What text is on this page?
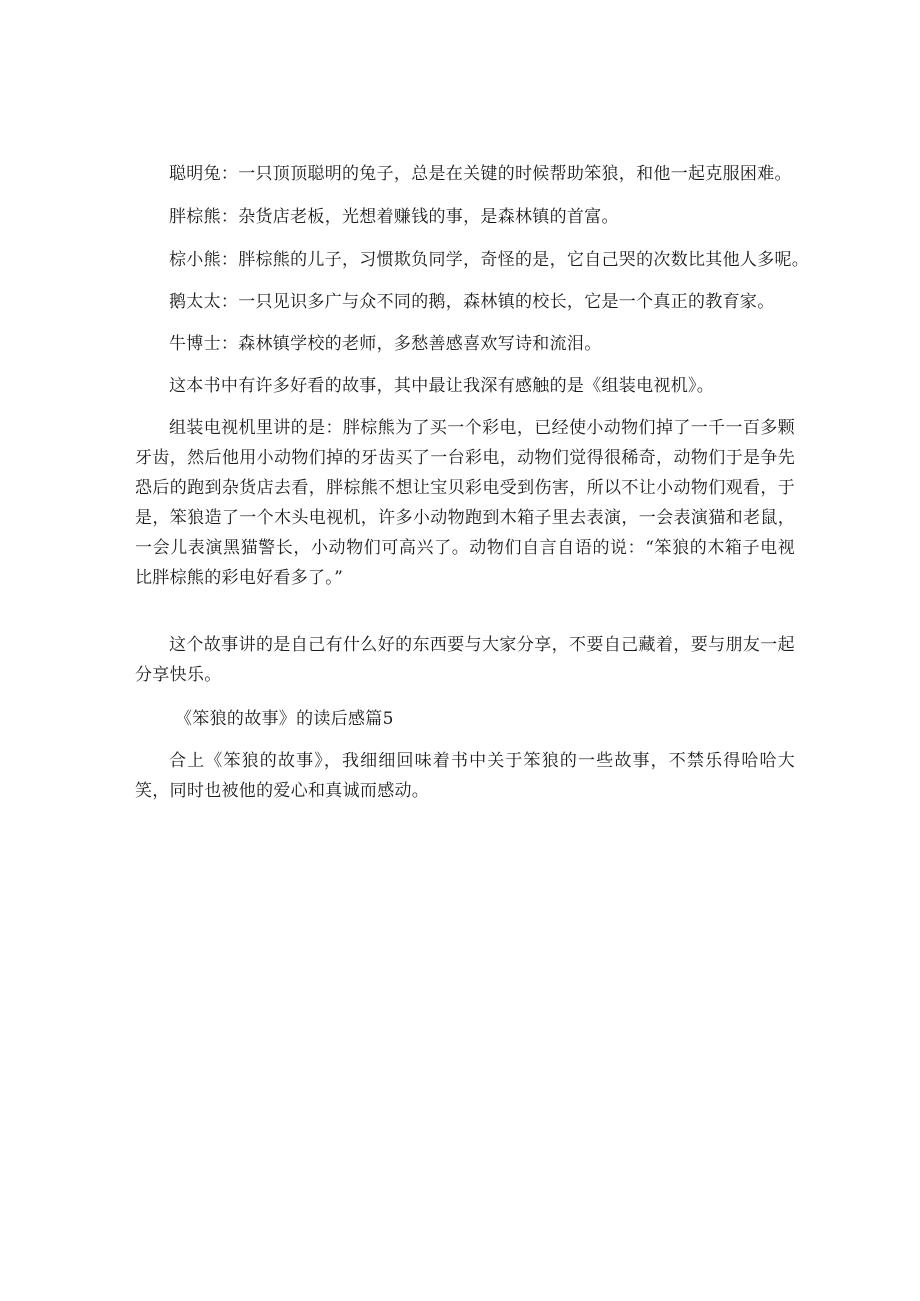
聪明兔：一只顶顶聪明的兔子，总是在关键的时候帮助笨狼，和他一起克服困难。

胖棕熊：杂货店老板，光想着赚钱的事，是森林镇的首富。

棕小熊：胖棕熊的儿子，习惯欺负同学，奇怪的是，它自己哭的次数比其他人多呢。

鹅太太：一只见识多广与众不同的鹅，森林镇的校长，它是一个真正的教育家。

牛博士：森林镇学校的老师，多愁善感喜欢写诗和流泪。

这本书中有许多好看的故事，其中最让我深有感触的是《组装电视机》。

组装电视机里讲的是：胖棕熊为了买一个彩电，已经使小动物们掉了一千一百多颗牙齿，然后他用小动物们掉的牙齿买了一台彩电，动物们觉得很稀奇，动物们于是争先恐后的跑到杂货店去看，胖棕熊不想让宝贝彩电受到伤害，所以不让小动物们观看，于是，笨狼造了一个木头电视机，许多小动物跑到木箱子里去表演，一会表演猫和老鼠，一会儿表演黑猫警长，小动物们可高兴了。动物们自言自语的说：“笨狼的木箱子电视比胖棕熊的彩电好看多了。”

这个故事讲的是自己有什么好的东西要与大家分享，不要自己藏着，要与朋友一起分享快乐。

《笨狼的故事》的读后感篇5

合上《笨狼的故事》，我细细回味着书中关于笨狼的一些故事，不禁乐得哈哈大笑，同时也被他的爱心和真诚而感动。
